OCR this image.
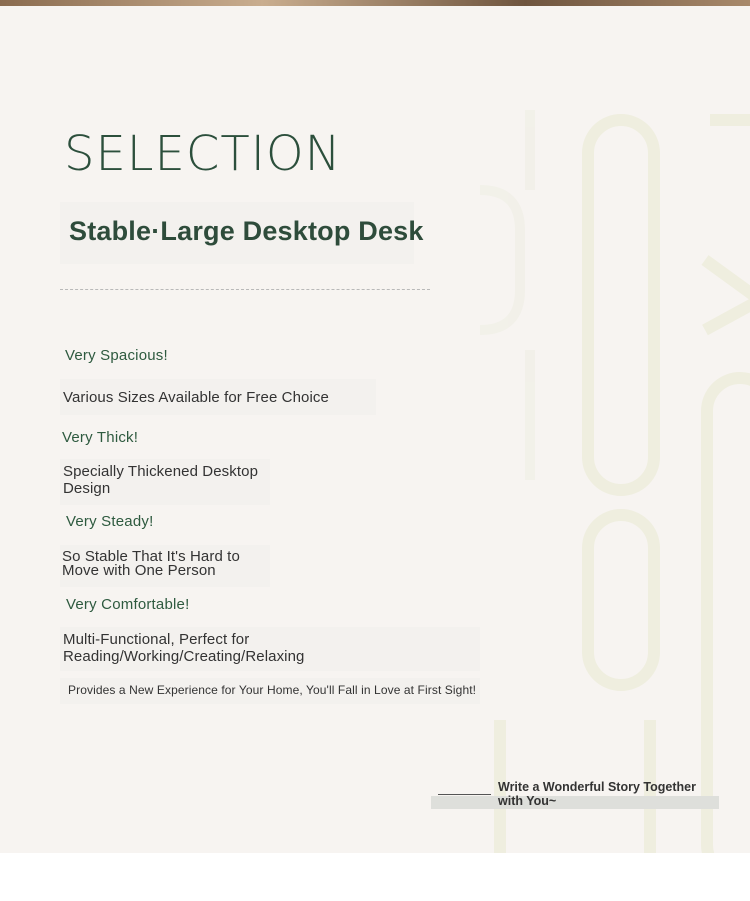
SELECTION
Stable·Large Desktop Desk
Very Spacious!
Various Sizes Available for Free Choice
Very Thick!
Specially Thickened Desktop Design
Very Steady!
So Stable That It's Hard to Move with One Person
Very Comfortable!
Multi-Functional, Perfect for Reading/Working/Creating/Relaxing
Provides a New Experience for Your Home, You'll Fall in Love at First Sight!
Write a Wonderful Story Together with You~
